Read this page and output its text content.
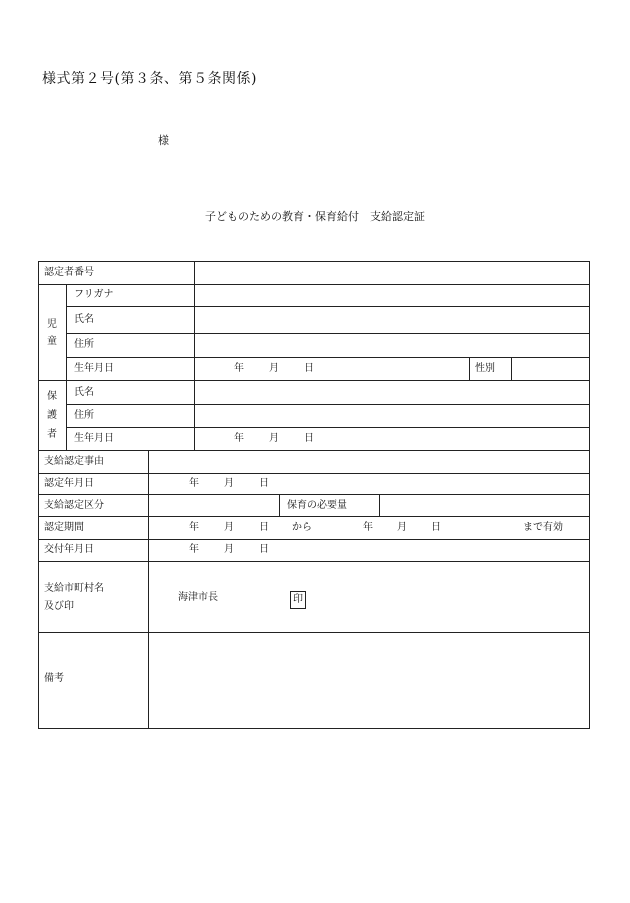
様式第２号(第３条、第５条関係)
様
子どものための教育・保育給付　支給認定証
認定者番号
児
童
フリガナ
氏名
住所
生年月日	年	月	日	性別
保
護
者
氏名
住所
生年月日	年	月	日
支給認定事由
認定年月日	年	月	日
支給認定区分	保育の必要量
認定期間	年	月	日 から	年 月 日	まで有効
交付年月日	年	月	日
支給市町村名
及び印
海津市長	印
備考
